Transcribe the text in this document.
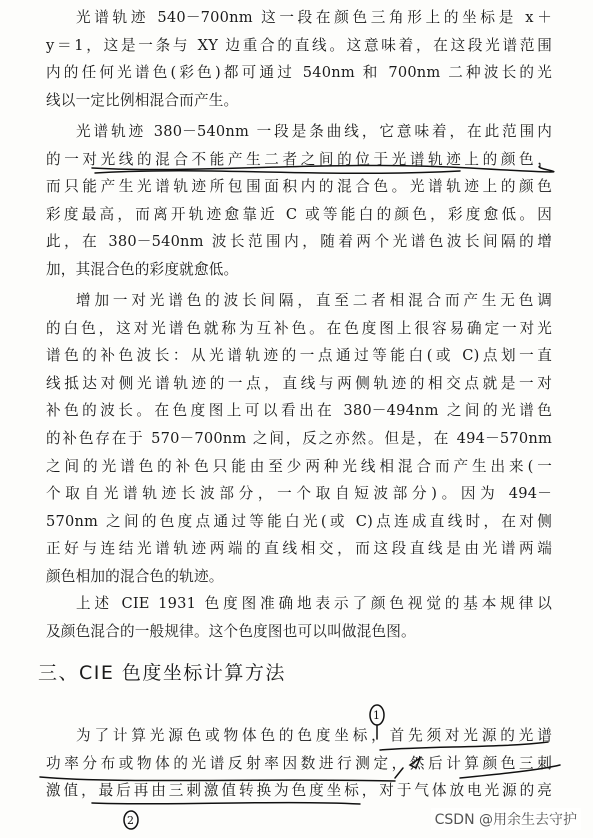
光谱轨迹 540－700nm 这一段在颜色三角形上的坐标是 x＋
y＝1，这是一条与 XY 边重合的直线。这意味着，在这段光谱范围
内的任何光谱色(彩色)都可通过 540nm 和 700nm 二种波长的光
线以一定比例相混合而产生。
光谱轨迹 380－540nm 一段是条曲线，它意味着，在此范围内
的一对光线的混合不能产生二者之间的位于光谱轨迹上的颜色，
而只能产生光谱轨迹所包围面积内的混合色。光谱轨迹上的颜色
彩度最高，而离开轨迹愈靠近 C 或等能白的颜色，彩度愈低。因
此，在 380－540nm 波长范围内，随着两个光谱色波长间隔的增
加，其混合色的彩度就愈低。
增加一对光谱色的波长间隔，直至二者相混合而产生无色调
的白色，这对光谱色就称为互补色。在色度图上很容易确定一对光
谱色的补色波长：从光谱轨迹的一点通过等能白(或 C)点划一直
线抵达对侧光谱轨迹的一点，直线与两侧轨迹的相交点就是一对
补色的波长。在色度图上可以看出在 380－494nm 之间的光谱色
的补色存在于 570－700nm 之间，反之亦然。但是，在 494－570nm
之间的光谱色的补色只能由至少两种光线相混合而产生出来(一
个取自光谱轨迹长波部分，一个取自短波部分)。因为 494－
570nm 之间的色度点通过等能白光(或 C)点连成直线时，在对侧
正好与连结光谱轨迹两端的直线相交，而这段直线是由光谱两端
颜色相加的混合色的轨迹。
上述 CIE 1931 色度图准确地表示了颜色视觉的基本规律以
及颜色混合的一般规律。这个色度图也可以叫做混色图。
三、CIE 色度坐标计算方法
为了计算光源色或物体色的色度坐标，首先须对光源的光谱
功率分布或物体的光谱反射率因数进行测定，然后计算颜色三刺
激值，最后再由三刺激值转换为色度坐标，对于气体放电光源的亮
1
2	CSDN @用余生去守护
